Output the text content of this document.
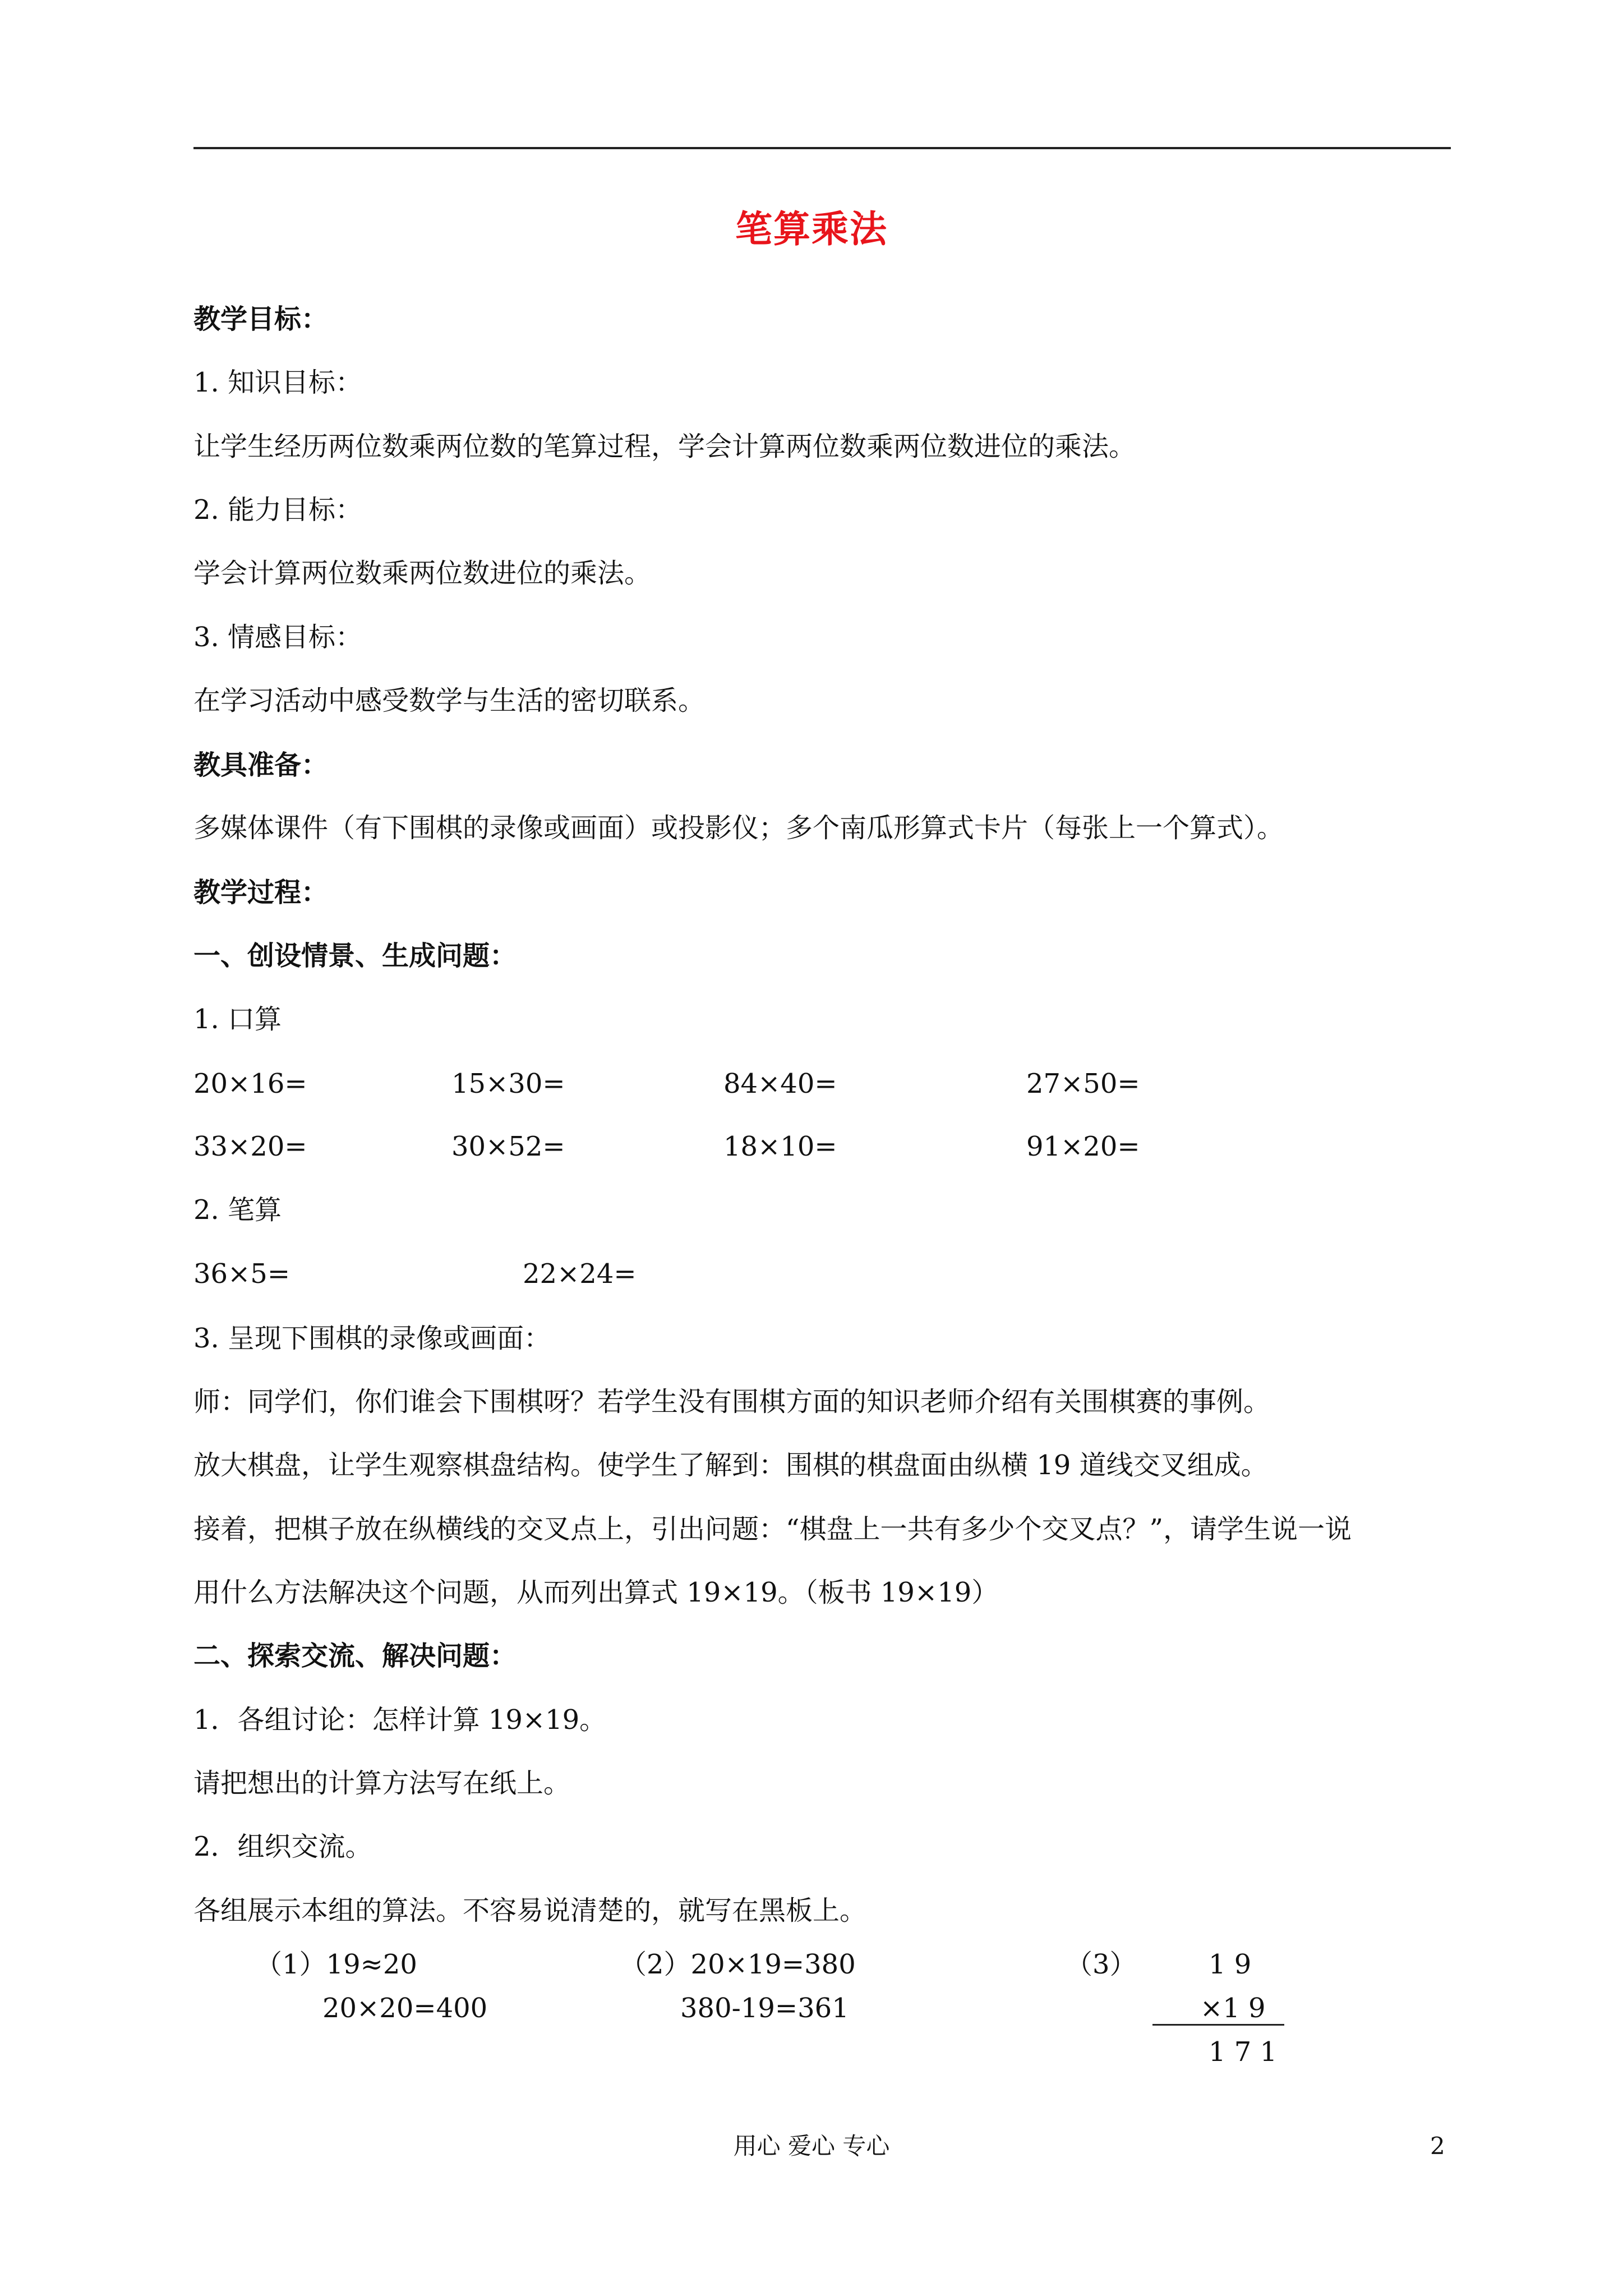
笔算乘法
教学目标：
1. 知识目标：
让学生经历两位数乘两位数的笔算过程，学会计算两位数乘两位数进位的乘法。
2. 能力目标：
学会计算两位数乘两位数进位的乘法。
3. 情感目标：
在学习活动中感受数学与生活的密切联系。
教具准备：
多媒体课件（有下围棋的录像或画面）或投影仪；多个南瓜形算式卡片（每张上一个算式）。
教学过程：
一、创设情景、生成问题：
1. 口算
20×16=	15×30=	84×40=	27×50=
33×20=	30×52=	18×10=	91×20=
2. 笔算
36×5=	22×24=
3. 呈现下围棋的录像或画面：
师：同学们，你们谁会下围棋呀？若学生没有围棋方面的知识老师介绍有关围棋赛的事例。
放大棋盘，让学生观察棋盘结构。使学生了解到：围棋的棋盘面由纵横 19 道线交叉组成。
接着，把棋子放在纵横线的交叉点上，引出问题：“棋盘上一共有多少个交叉点？”，请学生说一说
用什么方法解决这个问题，从而列出算式 19×19。（板书 19×19）
二、探索交流、解决问题：
1．各组讨论：怎样计算 19×19。
请把想出的计算方法写在纸上。
2．组织交流。
各组展示本组的算法。不容易说清楚的，就写在黑板上。
（1）19≈20
20×20=400
（2）20×19=380
380-19=361
（3）	1 9
×1 9
1 7 1
用心 爱心 专心	2
